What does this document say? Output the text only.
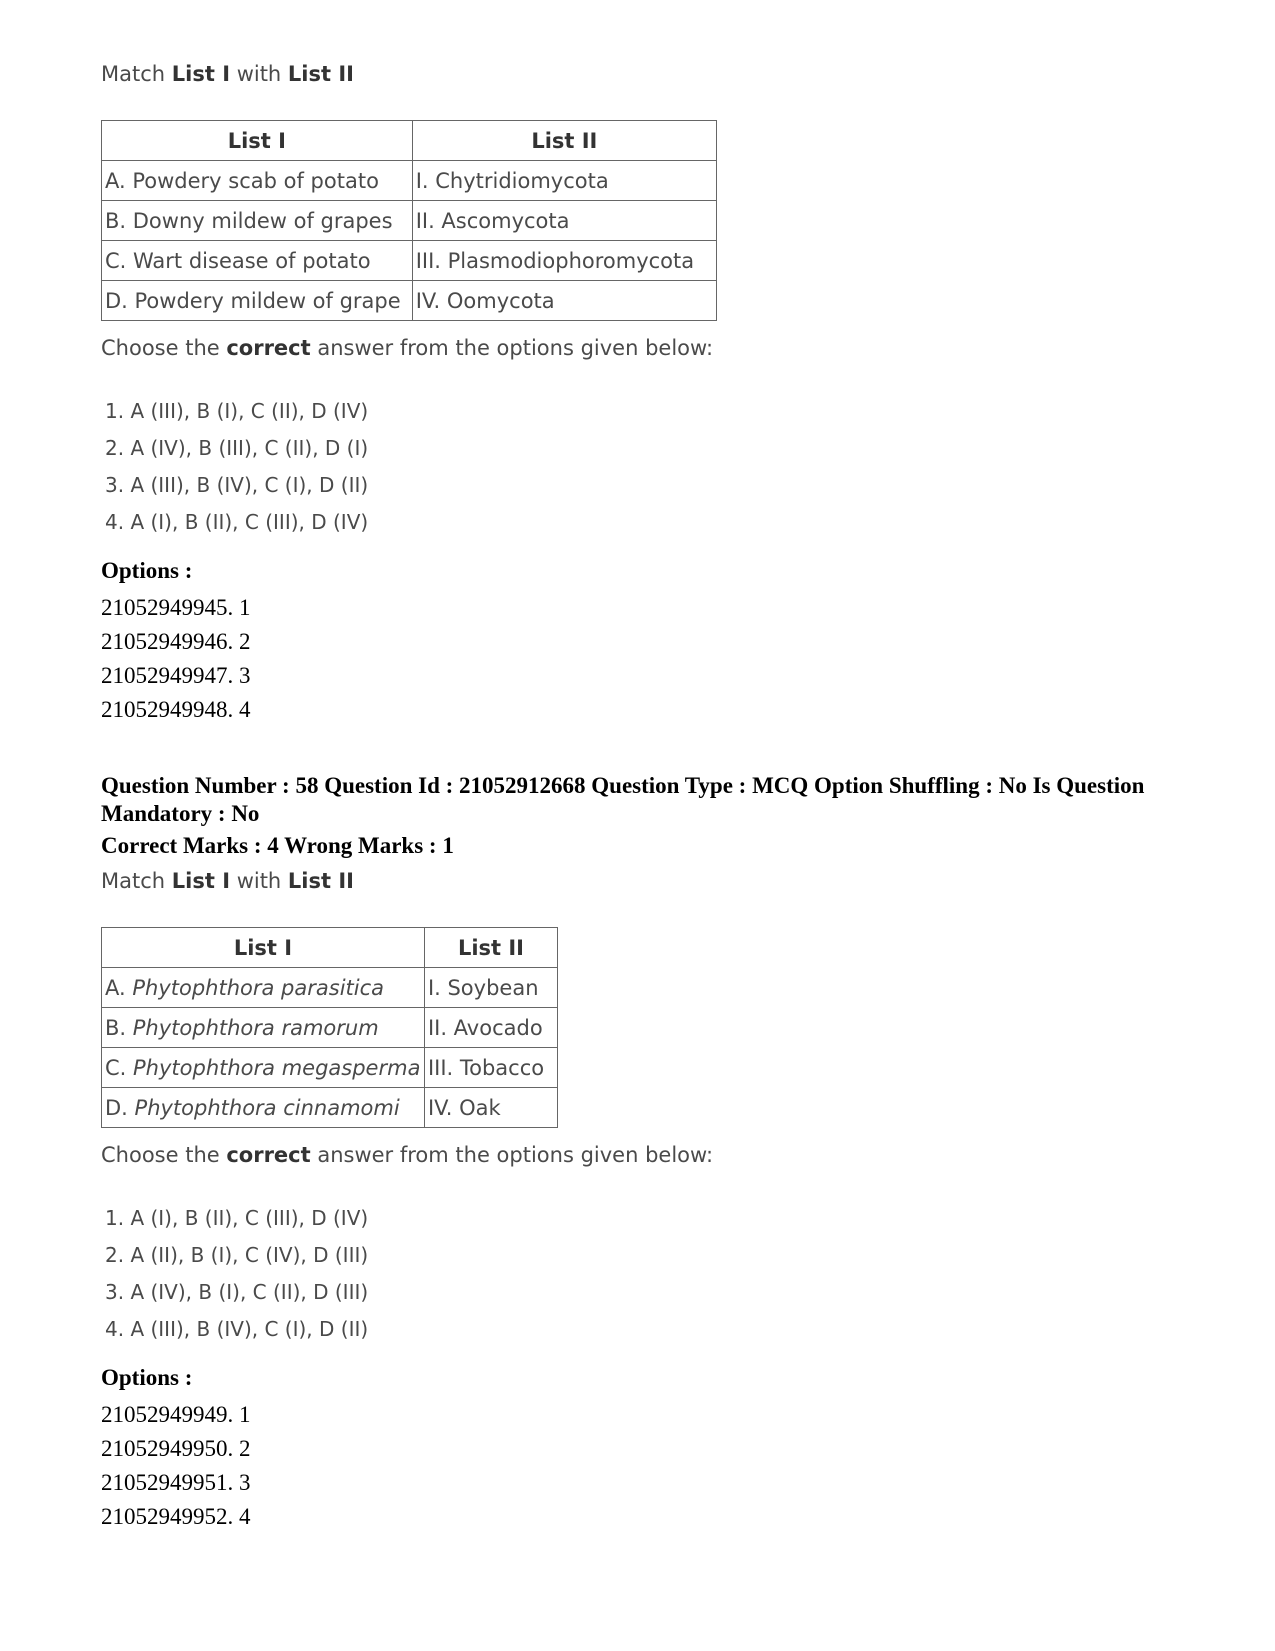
Match List I with List II
List I	List II
A. Powdery scab of potato	I. Chytridiomycota
B. Downy mildew of grapes	II. Ascomycota
C. Wart disease of potato	III. Plasmodiophoromycota
D. Powdery mildew of grape	IV. Oomycota
Choose the correct answer from the options given below:
1. A (III), B (I), C (II), D (IV)
2. A (IV), B (III), C (II), D (I)
3. A (III), B (IV), C (I), D (II)
4. A (I), B (II), C (III), D (IV)
Options :
21052949945. 1
21052949946. 2
21052949947. 3
21052949948. 4
Question Number : 58 Question Id : 21052912668 Question Type : MCQ Option Shuffling : No Is Question Mandatory : No
Correct Marks : 4 Wrong Marks : 1
Match List I with List II
List I	List II
A. Phytophthora parasitica	I. Soybean
B. Phytophthora ramorum	II. Avocado
C. Phytophthora megasperma	III. Tobacco
D. Phytophthora cinnamomi	IV. Oak
Choose the correct answer from the options given below:
1. A (I), B (II), C (III), D (IV)
2. A (II), B (I), C (IV), D (III)
3. A (IV), B (I), C (II), D (III)
4. A (III), B (IV), C (I), D (II)
Options :
21052949949. 1
21052949950. 2
21052949951. 3
21052949952. 4
